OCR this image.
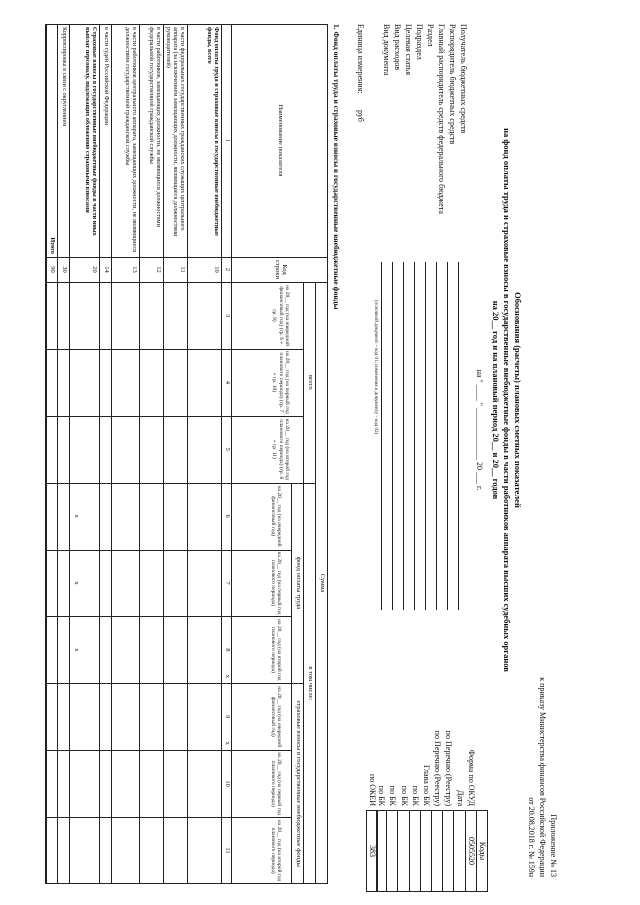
Приложение № 13
к приказу Министерства финансов Российской Федерации
от 20.08.2018 г. № 159н
Обоснования (расчеты) плановых сметных показателей
на фонд оплаты труда и страховые взносы в государственные внебюджетные фонды в части работников аппарата высших судебных органов
на 20__ год и на плановый период 20__ и 20__ годов
на " ____ " _____________ 20 ___ г.
Получатель бюджетных средств
Распорядитель бюджетных средств
Главный распорядитель средств федерального бюджета
Раздел
Подраздел
Целевая статья
Вид расходов
Вид документа
(основной документ – код 01; изменения к документу – код 02)
Единица измерения:
руб
Коды
Форма по ОКУД
0505520
Дата
по Перечню (Реестру)
по Перечню (Реестру)
Глава по БК
по БК
по БК
по БК
по БК
по ОКЕИ
383
1. Фонд оплаты труда и страховые взносы в государственные внебюджетные фонды
Наименование показателя
Код строки
Сумма
всего
в том числе:
фонд оплаты труда
страховые взносы в государственные внебюджетные фонды
на 20__ год (на очередной финансовый год) (гр. 6 + гр. 9)
на 20__ год (на первый год планового периода) (гр. 7 + гр. 10)
на 20__ год (на второй год планового периода) (гр. 8 + гр. 11)
на 20__ год (на очередной финансовый год)
на 20__ год (на первый год планового периода)
на 20__ год (на второй год планового периода)
на 20__ год (на очередной финансовый год)
на 20__ год (на первый год планового периода)
на 20__ год (на второй год планового периода)
1
2
3
4
5
6
7
8
9
10
11
Фонд оплаты труда и страховые взносы в государственные внебюджетные фонды, всего
10
в части федеральных государственных гражданских служащих центрального аппарата (за исключением замещающих должности, являющиеся должностями руководителей)
11
в части работников, замещающих должности, не являющиеся должностями федеральной государственной гражданской службы
12
в части работников центрального аппарата, замещающих должности, не являющиеся должностями государственной гражданской службы
13
в части судей Российской Федерации
14
Страховые взносы в государственные внебюджетные фонды в части иных выплат персоналу, подлежащих обложению страховыми взносами
20
x
x
x
Корректировка в связи с округлением
30
Итого
90
x
x
